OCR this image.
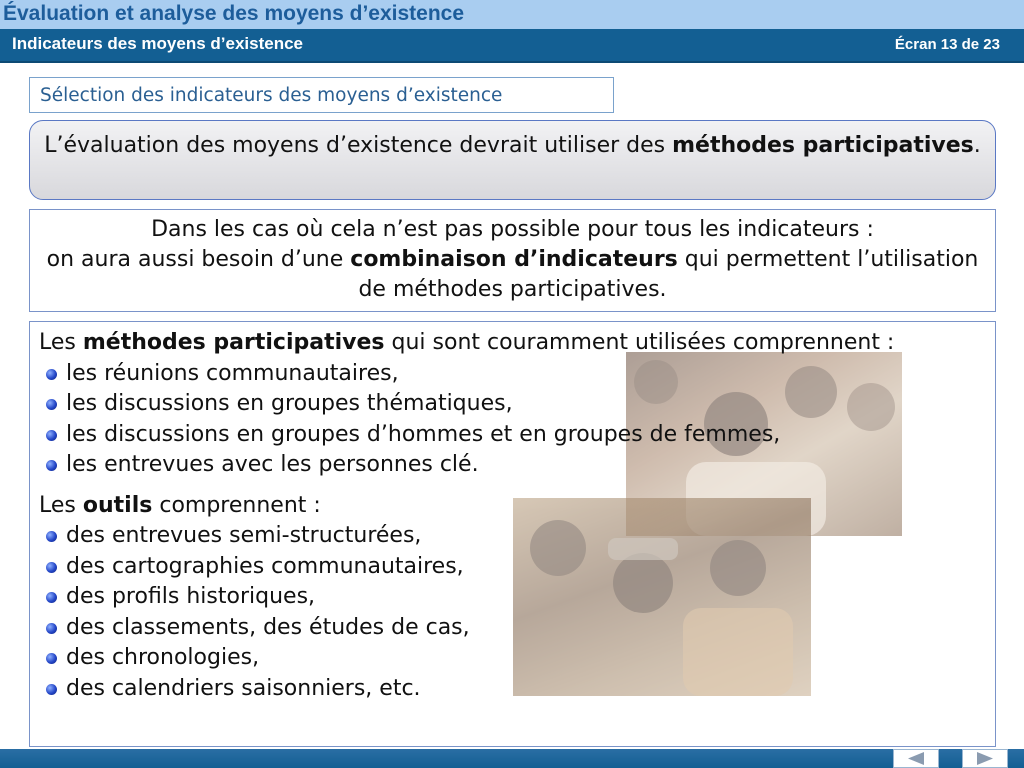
Évaluation et analyse des moyens d’existence
Indicateurs des moyens d’existence	Écran 13 de 23
Sélection des indicateurs des moyens d’existence
L’évaluation des moyens d’existence devrait utiliser des méthodes participatives.
Dans les cas où cela n’est pas possible pour tous les indicateurs :
on aura aussi besoin d’une combinaison d’indicateurs qui permettent l’utilisation de méthodes participatives.

Les méthodes participatives qui sont couramment utilisées comprennent :

les réunions communautaires,
les discussions en groupes thématiques,
les discussions en groupes d’hommes et en groupes de femmes,
les entrevues avec les personnes clé.

Les outils comprennent :

des entrevues semi-structurées,
des cartographies communautaires,
des profils historiques,
des classements, des études de cas,
des chronologies,
des calendriers saisonniers, etc.
